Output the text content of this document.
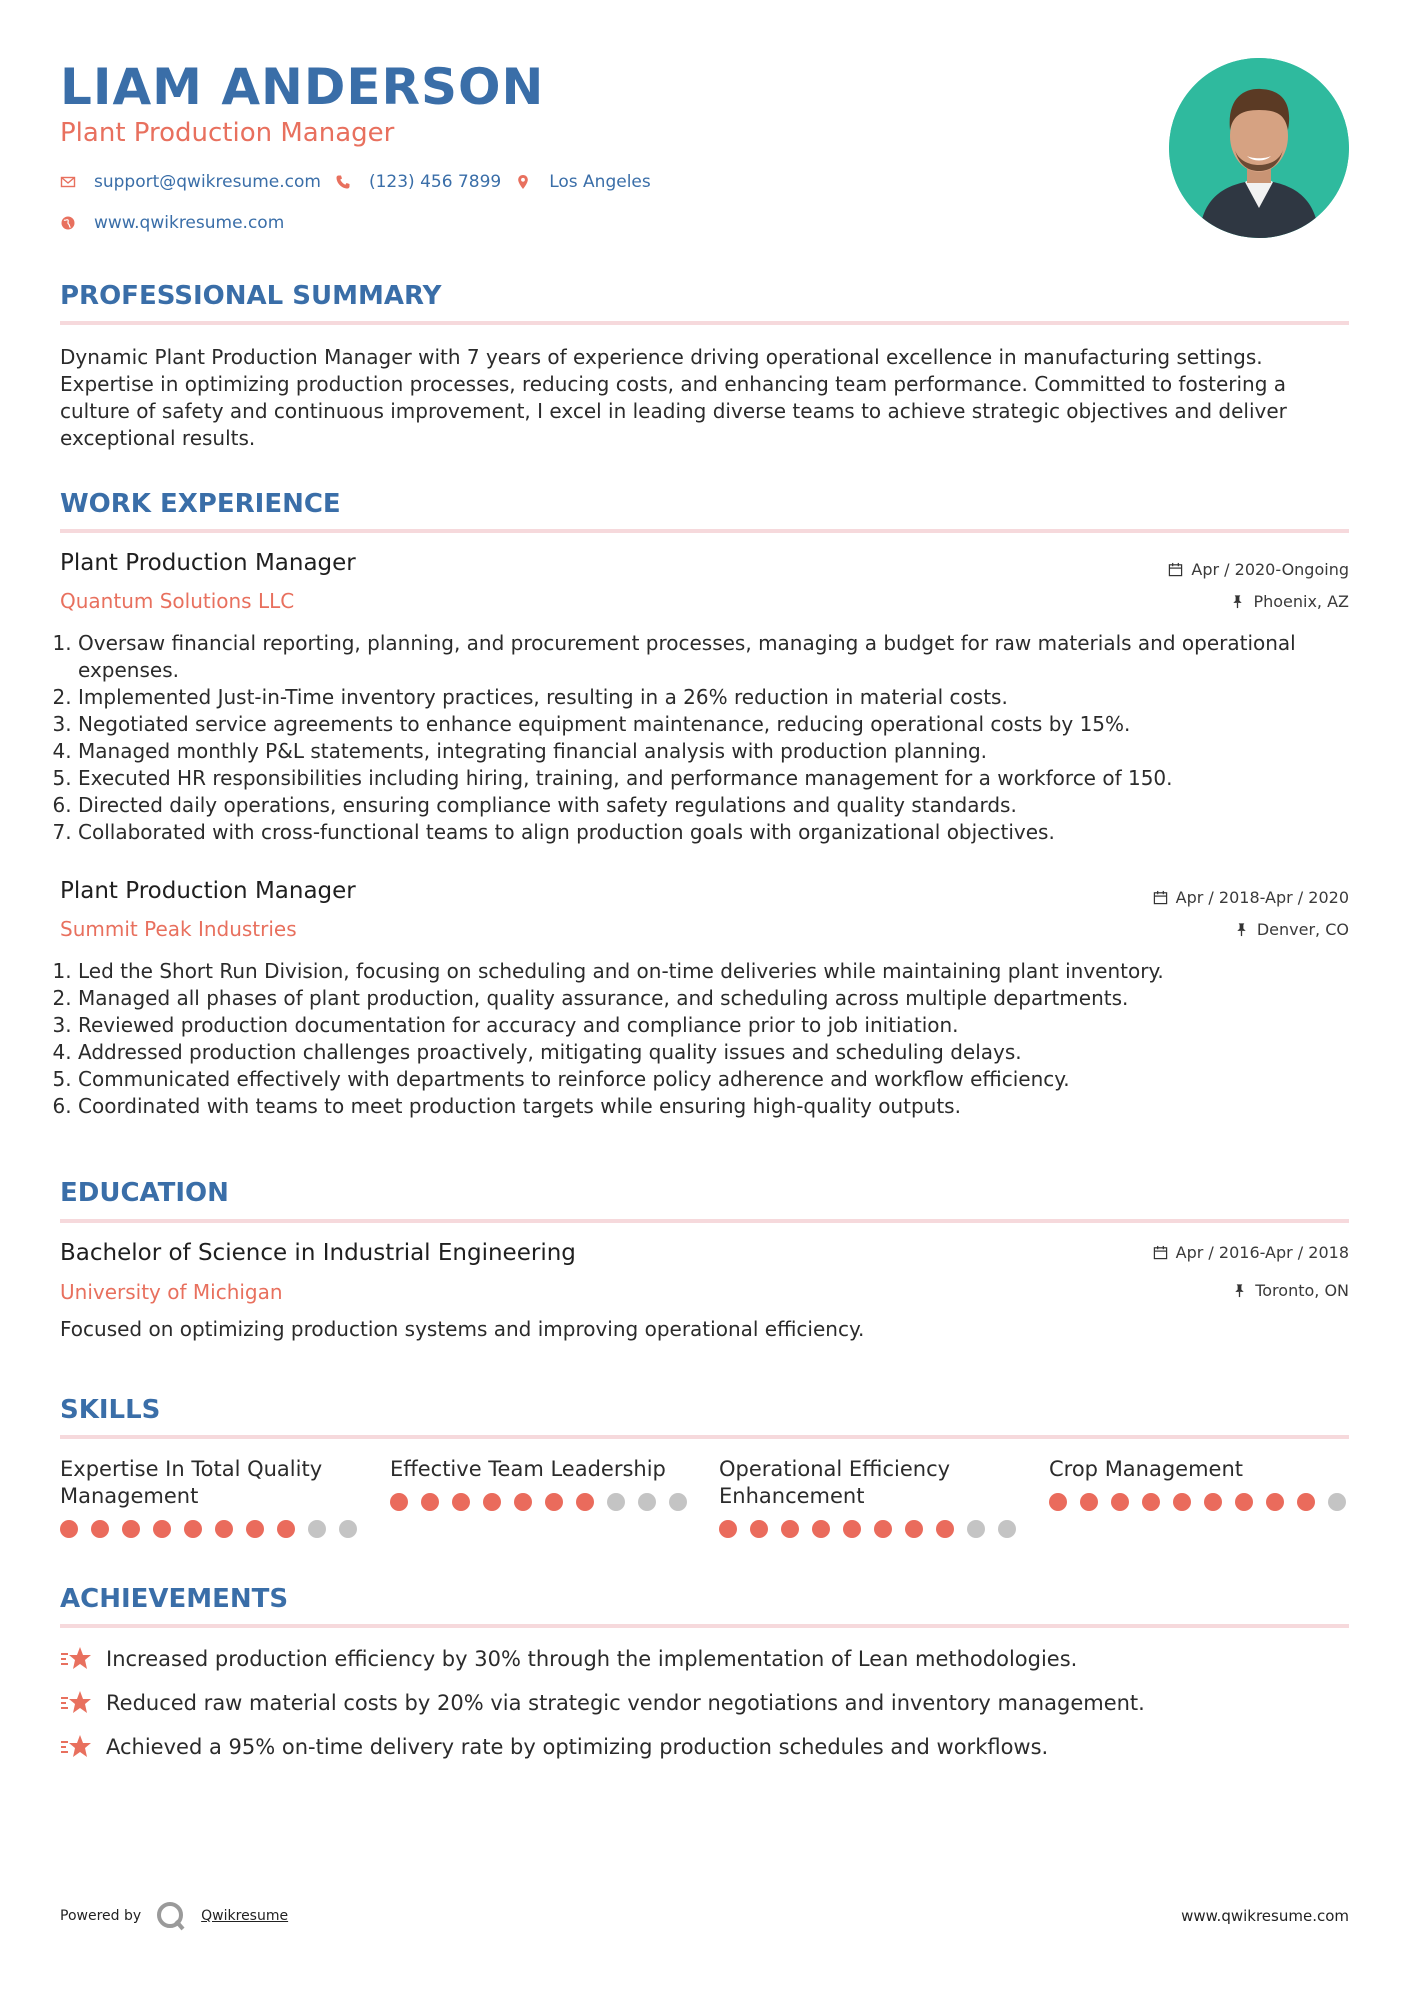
LIAM ANDERSON
Plant Production Manager
support@qwikresume.com	(123) 456 7899	Los Angeles
www.qwikresume.com
PROFESSIONAL SUMMARY
Dynamic Plant Production Manager with 7 years of experience driving operational excellence in manufacturing settings. Expertise in optimizing production processes, reducing costs, and enhancing team performance. Committed to fostering a culture of safety and continuous improvement, I excel in leading diverse teams to achieve strategic objectives and deliver exceptional results.
WORK EXPERIENCE
Plant Production Manager
Quantum Solutions LLC
Apr / 2020-Ongoing
Phoenix, AZ
1. Oversaw financial reporting, planning, and procurement processes, managing a budget for raw materials and operational expenses.
2. Implemented Just-in-Time inventory practices, resulting in a 26% reduction in material costs.
3. Negotiated service agreements to enhance equipment maintenance, reducing operational costs by 15%.
4. Managed monthly P&L statements, integrating financial analysis with production planning.
5. Executed HR responsibilities including hiring, training, and performance management for a workforce of 150.
6. Directed daily operations, ensuring compliance with safety regulations and quality standards.
7. Collaborated with cross-functional teams to align production goals with organizational objectives.
Plant Production Manager
Summit Peak Industries
Apr / 2018-Apr / 2020
Denver, CO
1. Led the Short Run Division, focusing on scheduling and on-time deliveries while maintaining plant inventory.
2. Managed all phases of plant production, quality assurance, and scheduling across multiple departments.
3. Reviewed production documentation for accuracy and compliance prior to job initiation.
4. Addressed production challenges proactively, mitigating quality issues and scheduling delays.
5. Communicated effectively with departments to reinforce policy adherence and workflow efficiency.
6. Coordinated with teams to meet production targets while ensuring high-quality outputs.
EDUCATION
Bachelor of Science in Industrial Engineering
University of Michigan
Apr / 2016-Apr / 2018
Toronto, ON
Focused on optimizing production systems and improving operational efficiency.
SKILLS
Expertise In Total Quality Management
Effective Team Leadership	Operational Efficiency Enhancement
Crop Management
ACHIEVEMENTS
Increased production efficiency by 30% through the implementation of Lean methodologies.
Reduced raw material costs by 20% via strategic vendor negotiations and inventory management.
Achieved a 95% on-time delivery rate by optimizing production schedules and workflows.
Powered by	Qwikresume	www.qwikresume.com
